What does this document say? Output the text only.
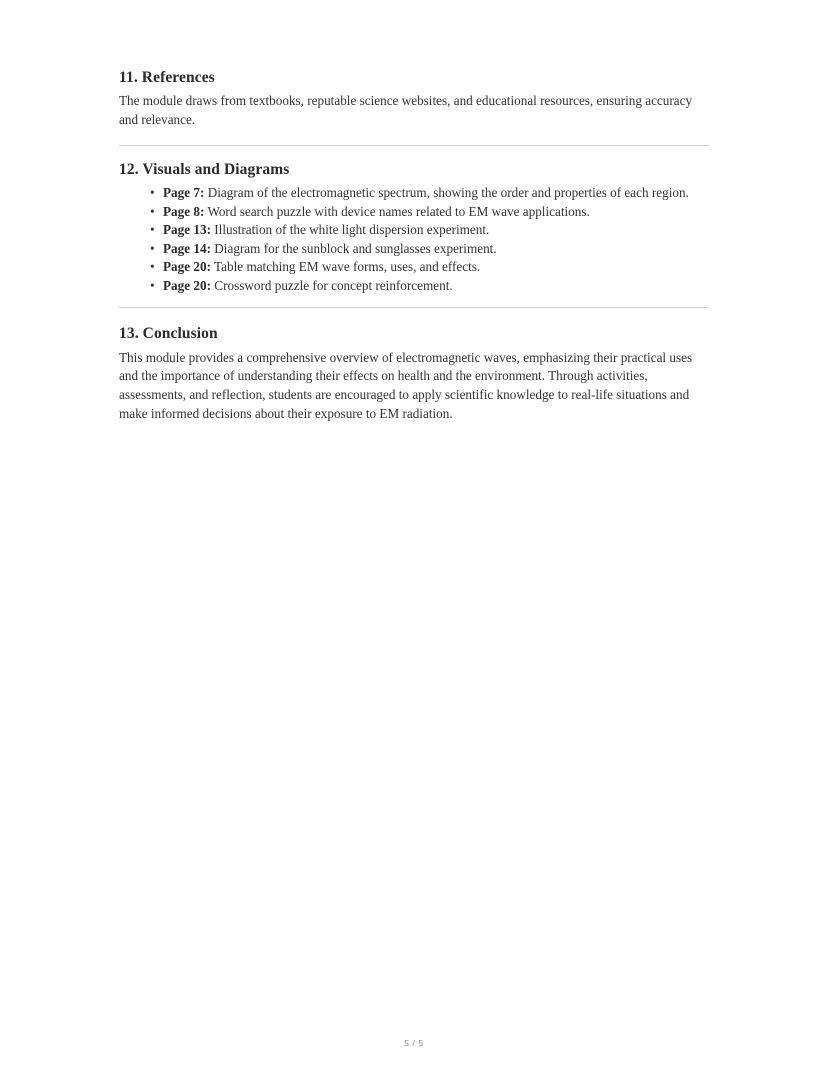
11. References

The module draws from textbooks, reputable science websites, and educational resources, ensuring accuracy and relevance.

12. Visuals and Diagrams
• Page 7: Diagram of the electromagnetic spectrum, showing the order and properties of each region.
• Page 8: Word search puzzle with device names related to EM wave applications.
• Page 13: Illustration of the white light dispersion experiment.
• Page 14: Diagram for the sunblock and sunglasses experiment.
• Page 20: Table matching EM wave forms, uses, and effects.
• Page 20: Crossword puzzle for concept reinforcement.
13. Conclusion

This module provides a comprehensive overview of electromagnetic waves, emphasizing their practical uses and the importance of understanding their effects on health and the environment. Through activities, assessments, and reflection, students are encouraged to apply scientific knowledge to real-life situations and make informed decisions about their exposure to EM radiation.

5 / 5
